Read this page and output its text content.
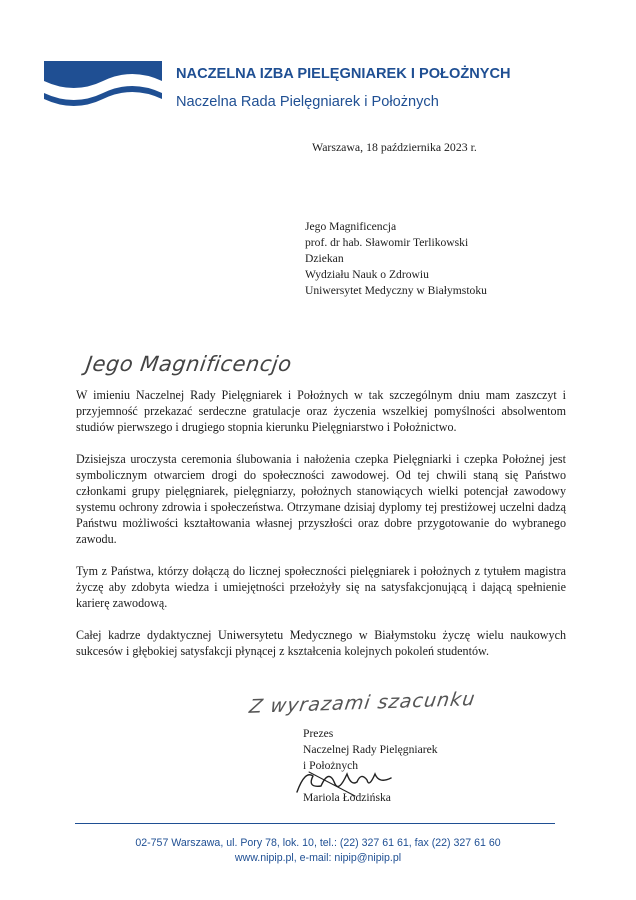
NACZELNA IZBA PIELĘGNIAREK I POŁOŻNYCH
Naczelna Rada Pielęgniarek i Położnych
Warszawa, 18 października 2023 r.
Jego Magnificencja
prof. dr hab. Sławomir Terlikowski
Dziekan
Wydziału Nauk o Zdrowiu
Uniwersytet Medyczny w Białymstoku
Jego Magnificencjo

W imieniu Naczelnej Rady Pielęgniarek i Położnych w tak szczególnym dniu mam zaszczyt i przyjemność przekazać serdeczne gratulacje oraz życzenia wszelkiej pomyślności absolwentom studiów pierwszego i drugiego stopnia kierunku Pielęgniarstwo i Położnictwo.

Dzisiejsza uroczysta ceremonia ślubowania i nałożenia czepka Pielęgniarki i czepka Położnej jest symbolicznym otwarciem drogi do społeczności zawodowej. Od tej chwili staną się Państwo członkami grupy pielęgniarek, pielęgniarzy, położnych stanowiących wielki potencjał zawodowy systemu ochrony zdrowia i społeczeństwa. Otrzymane dzisiaj dyplomy tej prestiżowej uczelni dadzą Państwu możliwości kształtowania własnej przyszłości oraz dobre przygotowanie do wybranego zawodu.

Tym z Państwa, którzy dołączą do licznej społeczności pielęgniarek i położnych z tytułem magistra życzę aby zdobyta wiedza i umiejętności przełożyły się na satysfakcjonującą i dającą spełnienie karierę zawodową.

Całej kadrze dydaktycznej Uniwersytetu Medycznego w Białymstoku życzę wielu naukowych sukcesów i głębokiej satysfakcji płynącej z kształcenia kolejnych pokoleń studentów.

Z wyrazami szacunku
Prezes
Naczelnej Rady Pielęgniarek
i Położnych
Mariola Łodzińska
02-757 Warszawa, ul. Pory 78, lok. 10, tel.: (22) 327 61 61, fax (22) 327 61 60
www.nipip.pl, e-mail: nipip@nipip.pl
